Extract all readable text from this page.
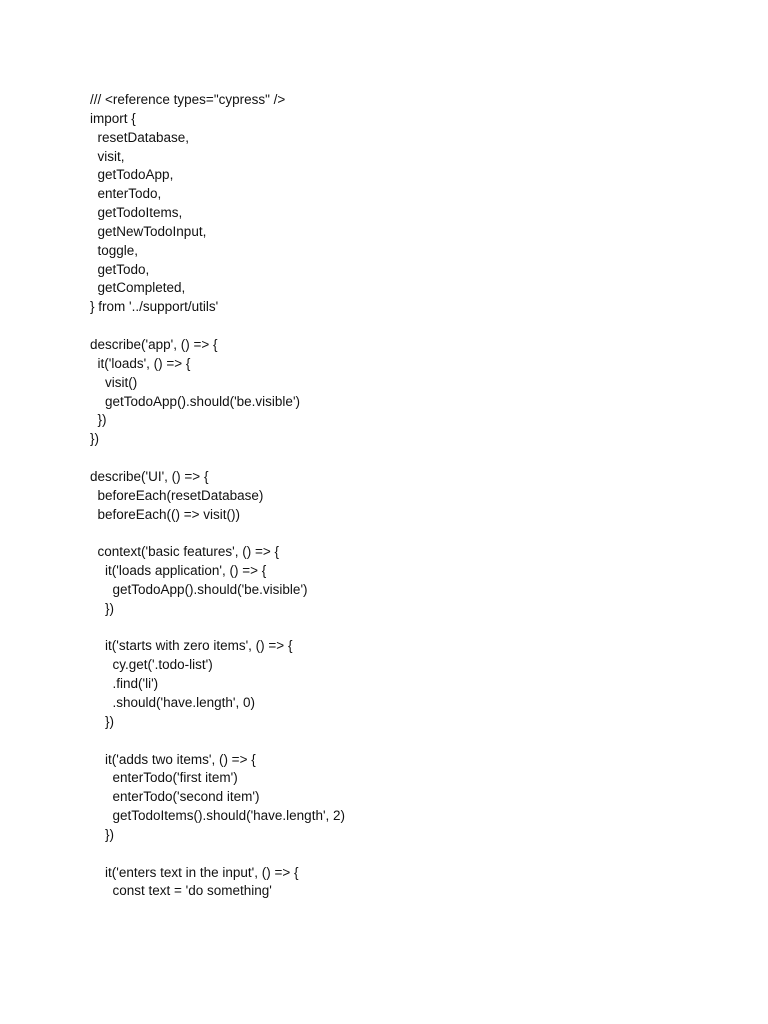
/// <reference types="cypress" />
import {
resetDatabase,
visit,
getTodoApp,
enterTodo,
getTodoItems,
getNewTodoInput,
toggle,
getTodo,
getCompleted,
} from '../support/utils'
describe('app', () => {
it('loads', () => {
visit()
getTodoApp().should('be.visible')
})
})
describe('UI', () => {
beforeEach(resetDatabase)
beforeEach(() => visit())
context('basic features', () => {
it('loads application', () => {
getTodoApp().should('be.visible')
})
it('starts with zero items', () => {
cy.get('.todo-list')
.find('li')
.should('have.length', 0)
})
it('adds two items', () => {
enterTodo('first item')
enterTodo('second item')
getTodoItems().should('have.length', 2)
})
it('enters text in the input', () => {
const text = 'do something'
